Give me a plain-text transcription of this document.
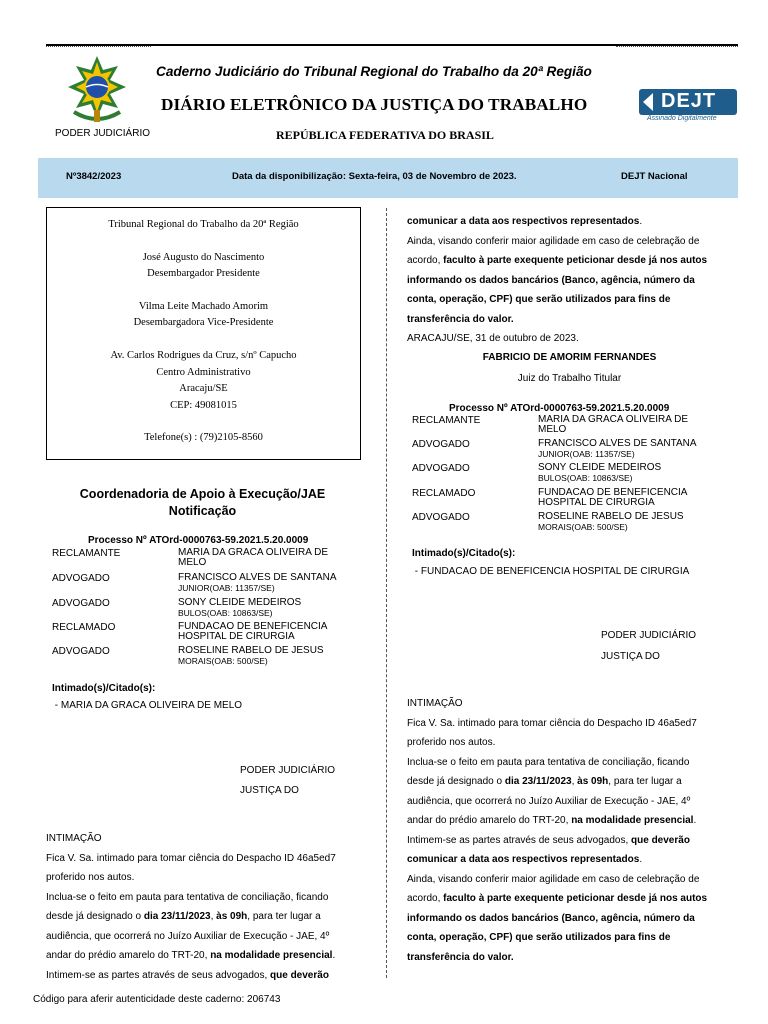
Caderno Judiciário do Tribunal Regional do Trabalho da 20ª Região
DIÁRIO ELETRÔNICO DA JUSTIÇA DO TRABALHO
PODER JUDICIÁRIO	REPÚBLICA FEDERATIVA DO BRASIL
DEJT
Assinado Digitalmente
Nº3842/2023	Data da disponibilização: Sexta-feira, 03 de Novembro de 2023.	DEJT Nacional
Tribunal Regional do Trabalho da 20ª Região
José Augusto do Nascimento
Desembargador Presidente
Vilma Leite Machado Amorim
Desembargadora Vice-Presidente
Av. Carlos Rodrigues da Cruz, s/nº Capucho
Centro Administrativo
Aracaju/SE
CEP: 49081015
Telefone(s) : (79)2105-8560
Coordenadoria de Apoio à Execução/JAE
Notificação
Processo Nº ATOrd-0000763-59.2021.5.20.0009
RECLAMANTE	MARIA DA GRACA OLIVEIRA DE
MELO
ADVOGADO	FRANCISCO ALVES DE SANTANA
JUNIOR(OAB: 11357/SE)
ADVOGADO	SONY CLEIDE MEDEIROS
BULOS(OAB: 10863/SE)
RECLAMADO	FUNDACAO DE BENEFICENCIA
HOSPITAL DE CIRURGIA
ADVOGADO	ROSELINE RABELO DE JESUS
MORAIS(OAB: 500/SE)
Intimado(s)/Citado(s):
- MARIA DA GRACA OLIVEIRA DE MELO
PODER JUDICIÁRIO
JUSTIÇA DO
INTIMAÇÃO
Fica V. Sa. intimado para tomar ciência do Despacho ID 46a5ed7
proferido nos autos.
Inclua-se o feito em pauta para tentativa de conciliação, ficando
desde já designado o dia 23/11/2023, às 09h, para ter lugar a
audiência, que ocorrerá no Juízo Auxiliar de Execução - JAE, 4º
andar do prédio amarelo do TRT-20, na modalidade presencial.
Intimem-se as partes através de seus advogados, que deverão
comunicar a data aos respectivos representados.
Ainda, visando conferir maior agilidade em caso de celebração de
acordo, faculto à parte exequente peticionar desde já nos autos
informando os dados bancários (Banco, agência, número da
conta, operação, CPF) que serão utilizados para fins de
transferência do valor.
ARACAJU/SE, 31 de outubro de 2023.
FABRICIO DE AMORIM FERNANDES
Juiz do Trabalho Titular
Processo Nº ATOrd-0000763-59.2021.5.20.0009
RECLAMANTE	MARIA DA GRACA OLIVEIRA DE
MELO
ADVOGADO	FRANCISCO ALVES DE SANTANA
JUNIOR(OAB: 11357/SE)
ADVOGADO	SONY CLEIDE MEDEIROS
BULOS(OAB: 10863/SE)
RECLAMADO	FUNDACAO DE BENEFICENCIA
HOSPITAL DE CIRURGIA
ADVOGADO	ROSELINE RABELO DE JESUS
MORAIS(OAB: 500/SE)
Intimado(s)/Citado(s):
- FUNDACAO DE BENEFICENCIA HOSPITAL DE CIRURGIA
PODER JUDICIÁRIO
JUSTIÇA DO
INTIMAÇÃO
Fica V. Sa. intimado para tomar ciência do Despacho ID 46a5ed7
proferido nos autos.
Inclua-se o feito em pauta para tentativa de conciliação, ficando
desde já designado o dia 23/11/2023, às 09h, para ter lugar a
audiência, que ocorrerá no Juízo Auxiliar de Execução - JAE, 4º
andar do prédio amarelo do TRT-20, na modalidade presencial.
Intimem-se as partes através de seus advogados, que deverão
comunicar a data aos respectivos representados.
Ainda, visando conferir maior agilidade em caso de celebração de
acordo, faculto à parte exequente peticionar desde já nos autos
informando os dados bancários (Banco, agência, número da
conta, operação, CPF) que serão utilizados para fins de
transferência do valor.
Código para aferir autenticidade deste caderno: 206743
